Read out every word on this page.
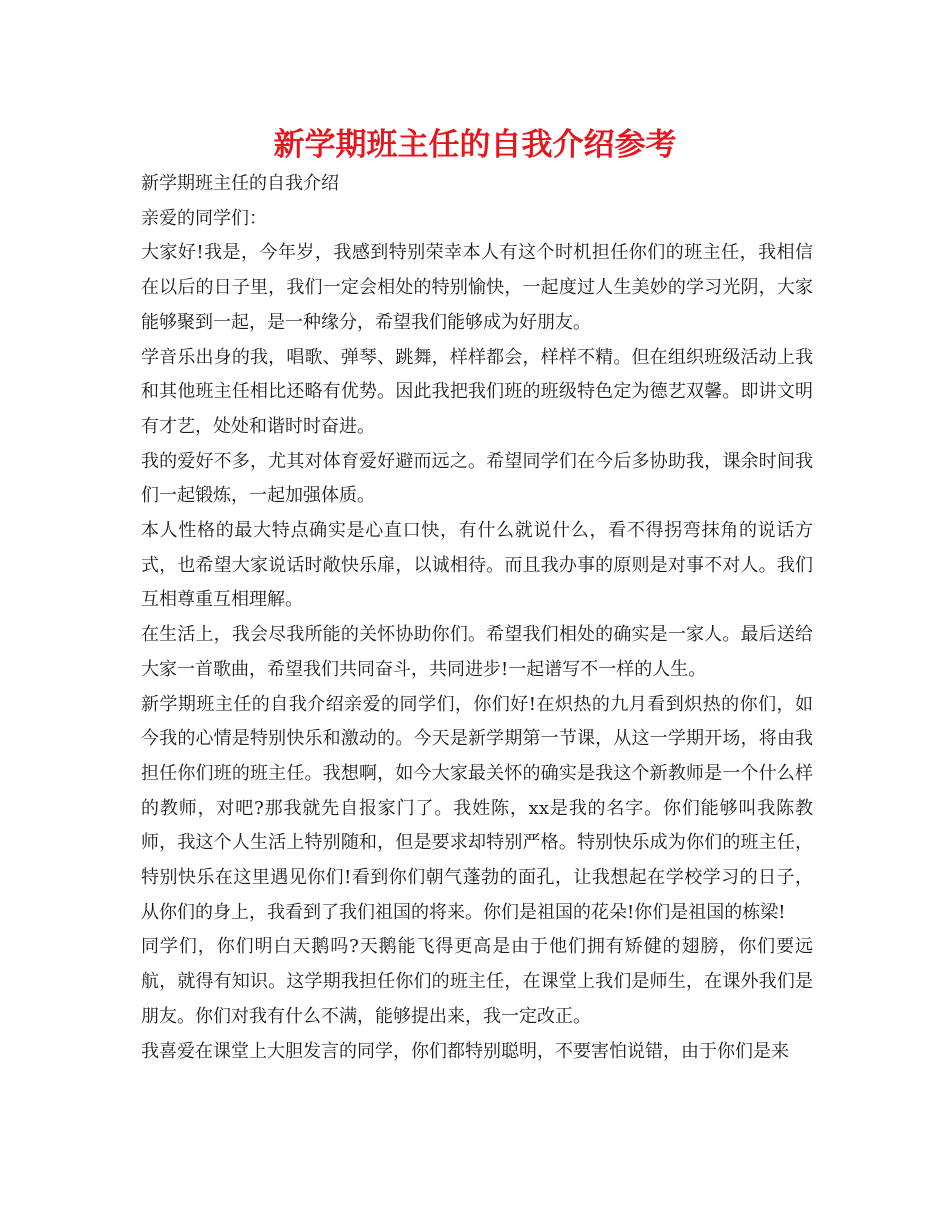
新学期班主任的自我介绍参考

新学期班主任的自我介绍

亲爱的同学们：

大家好!我是，今年岁，我感到特别荣幸本人有这个时机担任你们的班主任，我相信在以后的日子里，我们一定会相处的特别愉快，一起度过人生美妙的学习光阴，大家能够聚到一起，是一种缘分，希望我们能够成为好朋友。

学音乐出身的我，唱歌、弹琴、跳舞，样样都会，样样不精。但在组织班级活动上我和其他班主任相比还略有优势。因此我把我们班的班级特色定为德艺双馨。即讲文明有才艺，处处和谐时时奋进。

我的爱好不多，尤其对体育爱好避而远之。希望同学们在今后多协助我，课余时间我们一起锻炼，一起加强体质。

本人性格的最大特点确实是心直口快，有什么就说什么，看不得拐弯抹角的说话方式，也希望大家说话时敞快乐扉，以诚相待。而且我办事的原则是对事不对人。我们互相尊重互相理解。

在生活上，我会尽我所能的关怀协助你们。希望我们相处的确实是一家人。最后送给大家一首歌曲，希望我们共同奋斗，共同进步!一起谱写不一样的人生。

新学期班主任的自我介绍亲爱的同学们，你们好!在炽热的九月看到炽热的你们，如今我的心情是特别快乐和激动的。今天是新学期第一节课，从这一学期开场，将由我担任你们班的班主任。我想啊，如今大家最关怀的确实是我这个新教师是一个什么样的教师，对吧?那我就先自报家门了。我姓陈，xx是我的名字。你们能够叫我陈教师，我这个人生活上特别随和，但是要求却特别严格。特别快乐成为你们的班主任，特别快乐在这里遇见你们!看到你们朝气蓬勃的面孔，让我想起在学校学习的日子，从你们的身上，我看到了我们祖国的将来。你们是祖国的花朵!你们是祖国的栋梁!

同学们，你们明白天鹅吗?天鹅能飞得更高是由于他们拥有矫健的翅膀，你们要远航，就得有知识。这学期我担任你们的班主任，在课堂上我们是师生，在课外我们是朋友。你们对我有什么不满，能够提出来，我一定改正。

我喜爱在课堂上大胆发言的同学，你们都特别聪明，不要害怕说错，由于你们是来
